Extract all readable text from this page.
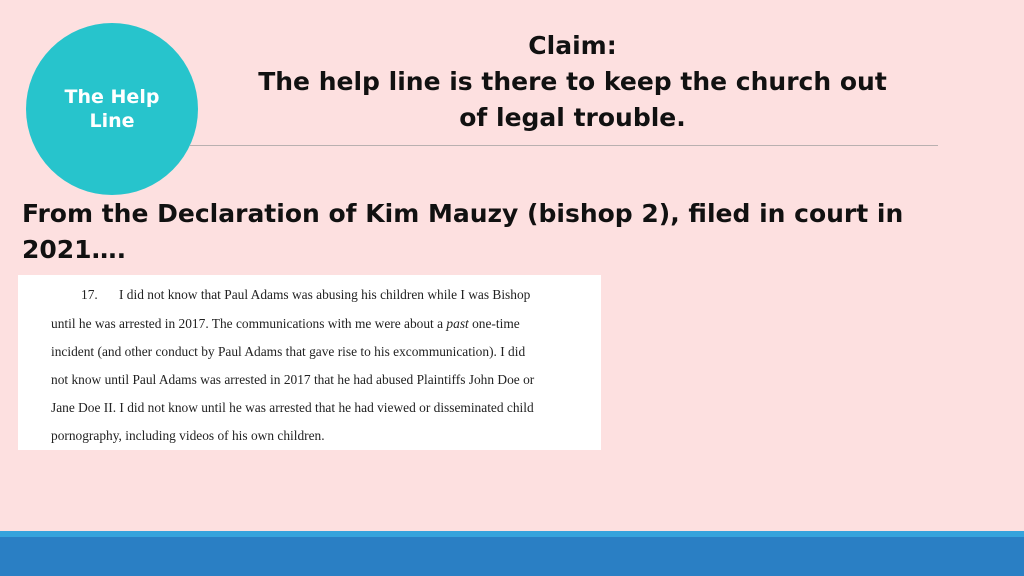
The Help Line
Claim:
The help line is there to keep the church out
of legal trouble.
From the Declaration of Kim Mauzy (bishop 2), filed in court in
2021….
17. I did not know that Paul Adams was abusing his children while I was Bishop
until he was arrested in 2017. The communications with me were about a past one-time
incident (and other conduct by Paul Adams that gave rise to his excommunication). I did
not know until Paul Adams was arrested in 2017 that he had abused Plaintiffs John Doe or
Jane Doe II. I did not know until he was arrested that he had viewed or disseminated child
pornography, including videos of his own children.
